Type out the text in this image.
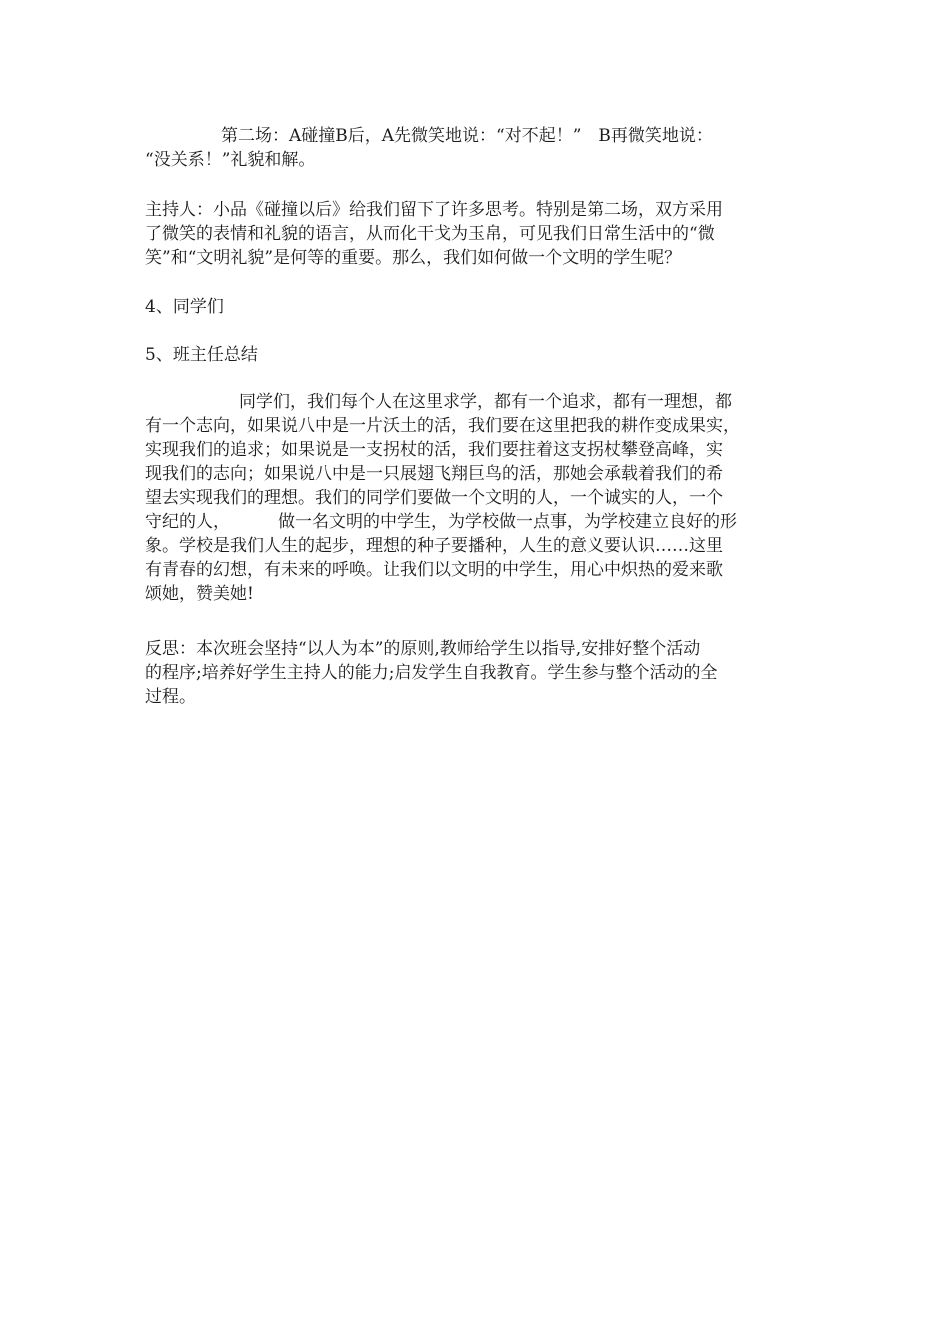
第二场：A碰撞B后，A先微笑地说：“对不起！”　B再微笑地说：
“没关系！”礼貌和解。
主持人：小品《碰撞以后》给我们留下了许多思考。特别是第二场，双方采用
了微笑的表情和礼貌的语言，从而化干戈为玉帛，可见我们日常生活中的“微
笑”和“文明礼貌”是何等的重要。那么，我们如何做一个文明的学生呢？
4、同学们
5、班主任总结
同学们，我们每个人在这里求学，都有一个追求，都有一理想，都
有一个志向，如果说八中是一片沃土的活，我们要在这里把我的耕作变成果实，
实现我们的追求；如果说是一支拐杖的活，我们要拄着这支拐杖攀登高峰，实
现我们的志向；如果说八中是一只展翅飞翔巨鸟的活，那她会承载着我们的希
望去实现我们的理想。我们的同学们要做一个文明的人，一个诚实的人，一个
守纪的人，	做一名文明的中学生，为学校做一点事，为学校建立良好的形
象。学校是我们人生的起步，理想的种子要播种，人生的意义要认识……这里
有青春的幻想，有未来的呼唤。让我们以文明的中学生，用心中炽热的爱来歌
颂她，赞美她!
反思：本次班会坚持“以人为本”的原则,教师给学生以指导,安排好整个活动
的程序;培养好学生主持人的能力;启发学生自我教育。学生参与整个活动的全
过程。
